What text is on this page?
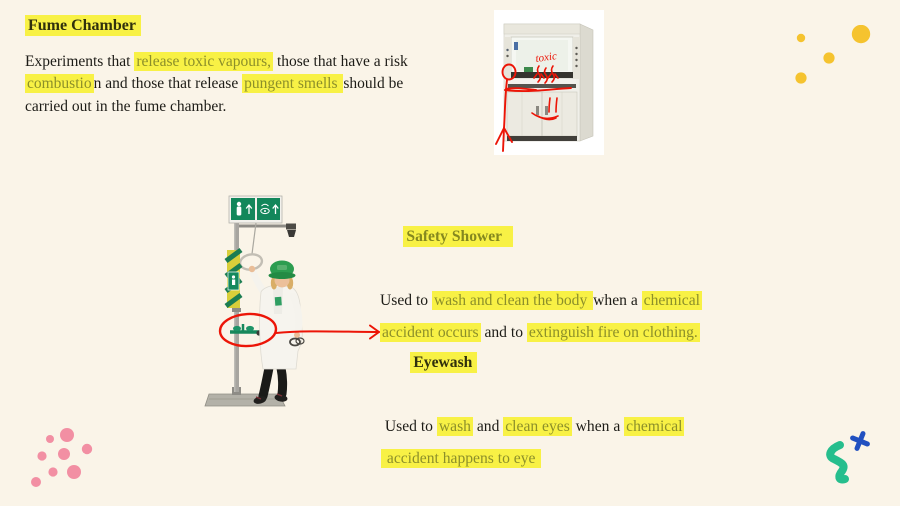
Fume Chamber
Experiments that release toxic vapours, those that have a risk
combustio n and those that release pungent smells should be
carried out in the fume chamber.
toxic

Safety Shower

Used to wash and clean the body when a chemical
accident occurs and to extinguish fire on clothing.

Eyewash

Used to wash and clean eyes when a chemical
accident happens to eye
